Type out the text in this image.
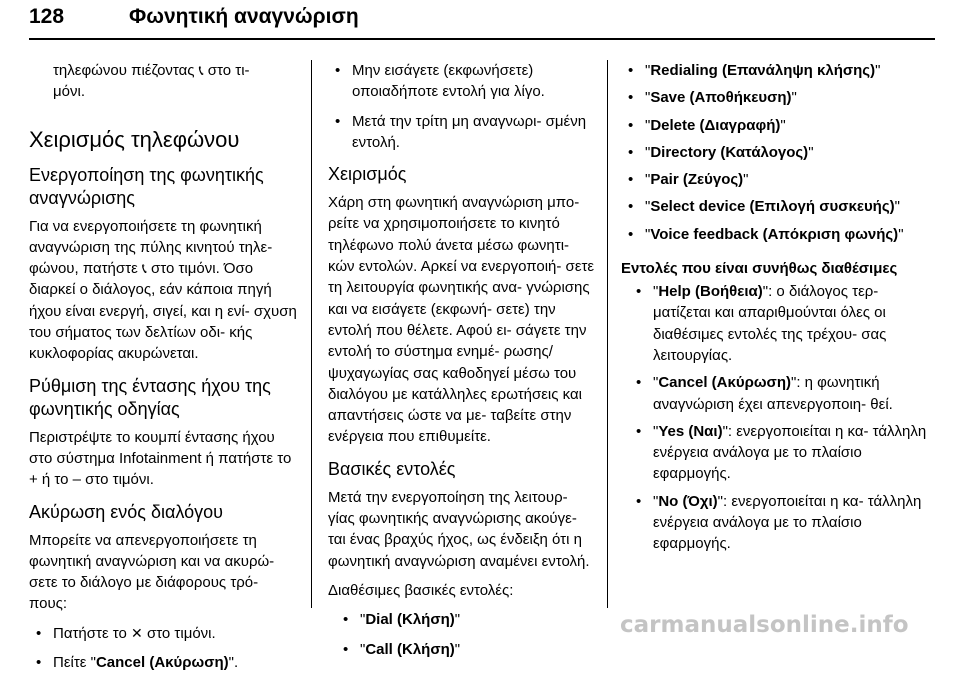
128	Φωνητική αναγνώριση

τηλεφώνου πιέζοντας 📞︎ στο τι-
μόνι.

Χειρισμός τηλεφώνου

Ενεργοποίηση της φωνητικής αναγνώρισης

Για να ενεργοποιήσετε τη φωνητική αναγνώριση της πύλης κινητού τηλε- φώνου, πατήστε 📞︎ στο τιμόνι. Όσο διαρκεί ο διάλογος, εάν κάποια πηγή ήχου είναι ενεργή, σιγεί, και η ενί- σχυση του σήματος των δελτίων οδι- κής κυκλοφορίας ακυρώνεται.

Ρύθμιση της έντασης ήχου της φωνητικής οδηγίας

Περιστρέψτε το κουμπί έντασης ήχου στο σύστημα Infotainment ή πατήστε το + ή το – στο τιμόνι.

Ακύρωση ενός διαλόγου

Μπορείτε να απενεργοποιήσετε τη φωνητική αναγνώριση και να ακυρώ- σετε το διάλογο με διάφορους τρό- πους:

• Πατήστε το ✕ στο τιμόνι.
• Πείτε "Cancel (Ακύρωση)".
• Μην εισάγετε (εκφωνήσετε) οποιαδήποτε εντολή για λίγο.
• Μετά την τρίτη μη αναγνωρι- σμένη εντολή.

Χειρισμός

Χάρη στη φωνητική αναγνώριση μπο- ρείτε να χρησιμοποιήσετε το κινητό τηλέφωνο πολύ άνετα μέσω φωνητι- κών εντολών. Αρκεί να ενεργοποιή- σετε τη λειτουργία φωνητικής ανα- γνώρισης και να εισάγετε (εκφωνή- σετε) την εντολή που θέλετε. Αφού ει- σάγετε την εντολή το σύστημα ενημέ- ρωσης/ψυχαγωγίας σας καθοδηγεί μέσω του διαλόγου με κατάλληλες ερωτήσεις και απαντήσεις ώστε να με- ταβείτε στην ενέργεια που επιθυμείτε.

Βασικές εντολές

Μετά την ενεργοποίηση της λειτουρ- γίας φωνητικής αναγνώρισης ακούγε- ται ένας βραχύς ήχος, ως ένδειξη ότι η φωνητική αναγνώριση αναμένει εντολή.

Διαθέσιμες βασικές εντολές:

• "Dial (Κλήση)"
• "Call (Κλήση)"
• "Redialing (Επανάληψη κλήσης)"
• "Save (Αποθήκευση)"
• "Delete (Διαγραφή)"
• "Directory (Κατάλογος)"
• "Pair (Ζεύγος)"
• "Select device (Επιλογή συσκευής)"
• "Voice feedback (Απόκριση φωνής)"

Εντολές που είναι συνήθως διαθέσιμες

• "Help (Βοήθεια)": ο διάλογος τερ- ματίζεται και απαριθμούνται όλες οι διαθέσιμες εντολές της τρέχου- σας λειτουργίας.
• "Cancel (Ακύρωση)": η φωνητική αναγνώριση έχει απενεργοποιη- θεί.
• "Yes (Ναι)": ενεργοποιείται η κα- τάλληλη ενέργεια ανάλογα με το πλαίσιο εφαρμογής.
• "No (Όχι)": ενεργοποιείται η κα- τάλληλη ενέργεια ανάλογα με το πλαίσιο εφαρμογής.
carmanualsonline.info
